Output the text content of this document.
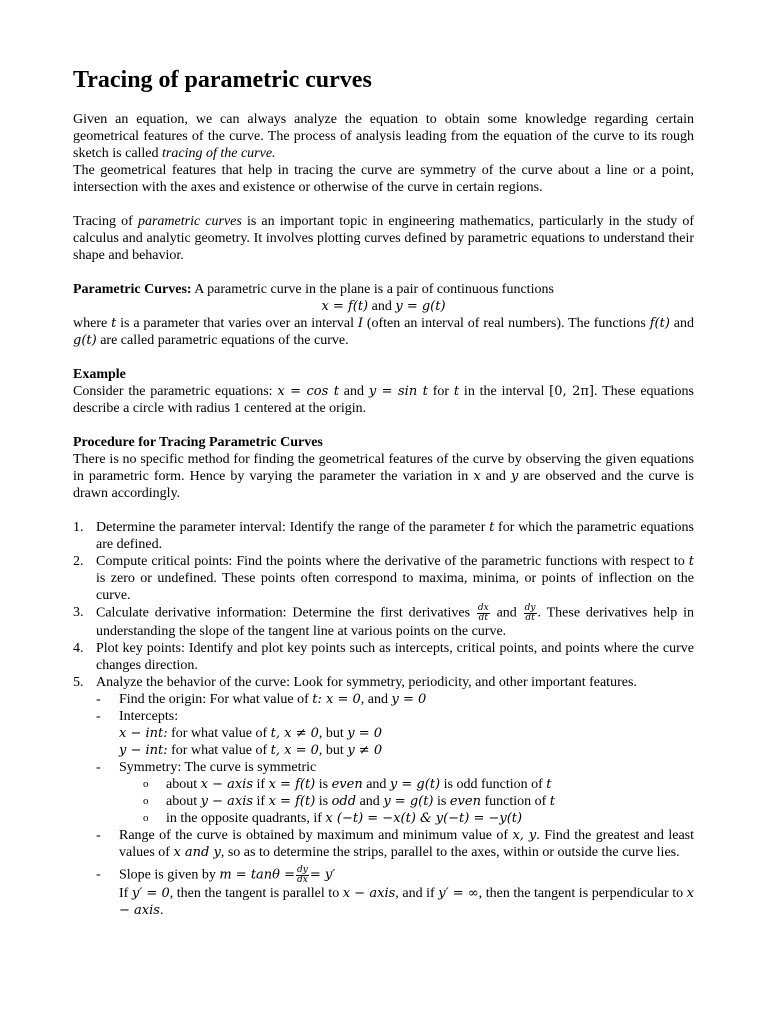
Tracing of parametric curves

Given an equation, we can always analyze the equation to obtain some knowledge regarding certain geometrical features of the curve. The process of analysis leading from the equation of the curve to its rough sketch is called tracing of the curve.

The geometrical features that help in tracing the curve are symmetry of the curve about a line or a point, intersection with the axes and existence or otherwise of the curve in certain regions.

Tracing of parametric curves is an important topic in engineering mathematics, particularly in the study of calculus and analytic geometry. It involves plotting curves defined by parametric equations to understand their shape and behavior.

Parametric Curves: A parametric curve in the plane is a pair of continuous functions

x = f(t) and y = g(t)

where t is a parameter that varies over an interval I (often an interval of real numbers). The functions f(t) and g(t) are called parametric equations of the curve.

Example

Consider the parametric equations: x = cos t and y = sin t for t in the interval [0, 2π]. These equations describe a circle with radius 1 centered at the origin.

Procedure for Tracing Parametric Curves

There is no specific method for finding the geometrical features of the curve by observing the given equations in parametric form. Hence by varying the parameter the variation in x and y are observed and the curve is drawn accordingly.

1. Determine the parameter interval: Identify the range of the parameter t for which the parametric equations are defined.
2. Compute critical points: Find the points where the derivative of the parametric functions with respect to t is zero or undefined. These points often correspond to maxima, minima, or points of inflection on the curve.
3. Calculate derivative information: Determine the first derivatives $\frac{dx}{dt}$ and $\frac{dy}{dt}$ . These derivatives help in understanding the slope of the tangent line at various points on the curve.
4. Plot key points: Identify and plot key points such as intercepts, critical points, and points where the curve changes direction.
5. Analyze the behavior of the curve: Look for symmetry, periodicity, and other important features.
- Find the origin: For what value of t: x = 0, and y = 0
- Intercepts:
x − int: for what value of t, x ≠ 0, but y = 0
y − int: for what value of t, x = 0, but y ≠ 0
- Symmetry: The curve is symmetric
o about x − axis if x = f(t) is even and y = g(t) is odd function of t
o about y − axis if x = f(t) is odd and y = g(t) is even function of t
o in the opposite quadrants, if x (−t) = −x(t) & y(−t) = −y(t)
- Range of the curve is obtained by maximum and minimum value of x, y. Find the greatest and least values of x and y, so as to determine the strips, parallel to the axes, within or outside the curve lies.
- Slope is given by $m = \tan\theta = \frac{dy}{dx} = y'$
If y′ = 0, then the tangent is parallel to x − axis, and if y′ = ∞, then the tangent is perpendicular to x − axis.
